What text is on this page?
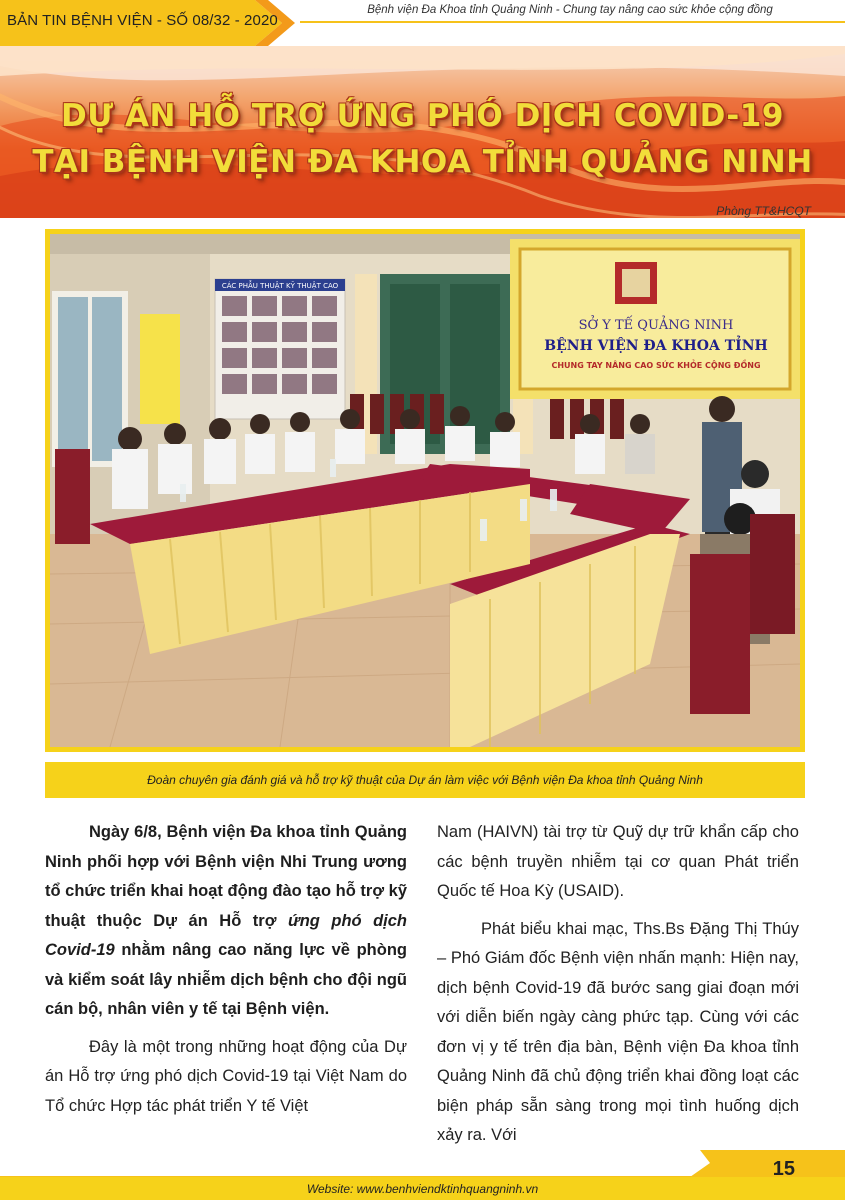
BẢN TIN BỆNH VIỆN - SỐ 08/32 - 2020
Bệnh viện Đa Khoa tỉnh Quảng Ninh - Chung tay nâng cao sức khỏe cộng đồng
DỰ ÁN HỖ TRỢ ỨNG PHÓ DỊCH COVID-19
TẠI BỆNH VIỆN ĐA KHOA TỈNH QUẢNG NINH
Phòng TT&HCQT
CÁC PHẪU THUẬT KỸ THUẬT CAO
SỞ Y TẾ QUẢNG NINH
BỆNH VIỆN ĐA KHOA TỈNH
CHUNG TAY NÂNG CAO SỨC KHỎE CỘNG ĐỒNG
Đoàn chuyên gia đánh giá và hỗ trợ kỹ thuật của Dự án làm việc với Bệnh viện Đa khoa tỉnh Quảng Ninh

Ngày 6/8, Bệnh viện Đa khoa tỉnh Quảng Ninh phối hợp với Bệnh viện Nhi Trung ương tổ chức triển khai hoạt động đào tạo hỗ trợ kỹ thuật thuộc Dự án Hỗ trợ ứng phó dịch Covid-19 nhằm nâng cao năng lực về phòng và kiểm soát lây nhiễm dịch bệnh cho đội ngũ cán bộ, nhân viên y tế tại Bệnh viện.

Đây là một trong những hoạt động của Dự án Hỗ trợ ứng phó dịch Covid-19 tại Việt Nam do Tổ chức Hợp tác phát triển Y tế Việt

Nam (HAIVN) tài trợ từ Quỹ dự trữ khẩn cấp cho các bệnh truyền nhiễm tại cơ quan Phát triển Quốc tế Hoa Kỳ (USAID).

Phát biểu khai mạc, Ths.Bs Đặng Thị Thúy – Phó Giám đốc Bệnh viện nhấn mạnh: Hiện nay, dịch bệnh Covid-19 đã bước sang giai đoạn mới với diễn biến ngày càng phức tạp. Cùng với các đơn vị y tế trên địa bàn, Bệnh viện Đa khoa tỉnh Quảng Ninh đã chủ động triển khai đồng loạt các biện pháp sẵn sàng trong mọi tình huống dịch xảy ra. Với

15
Website: www.benhviendktinhquangninh.vn
